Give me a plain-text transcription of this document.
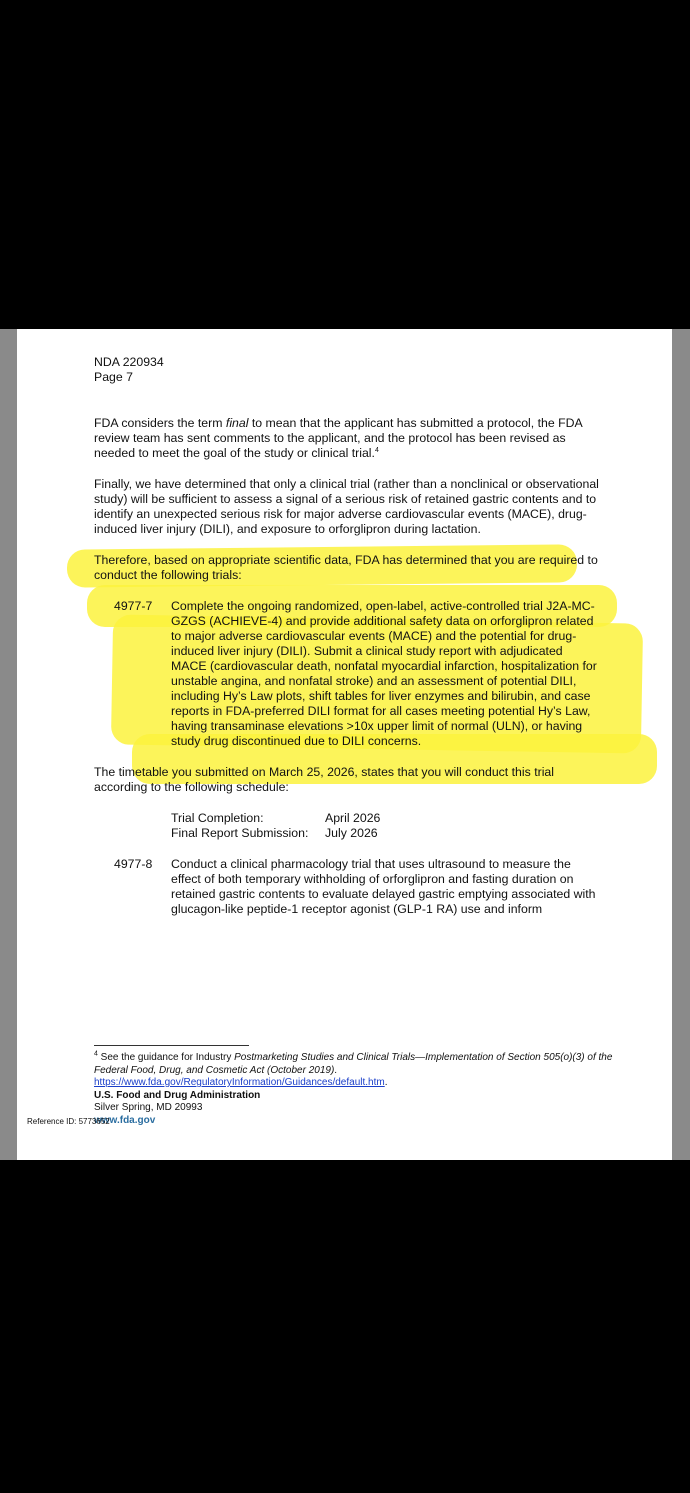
NDA 220934

Page 7

FDA considers the term final to mean that the applicant has submitted a protocol, the FDA review team has sent comments to the applicant, and the protocol has been revised as needed to meet the goal of the study or clinical trial.$^4$

Finally, we have determined that only a clinical trial (rather than a nonclinical or observational study) will be sufficient to assess a signal of a serious risk of retained gastric contents and to identify an unexpected serious risk for major adverse cardiovascular events (MACE), drug-induced liver injury (DILI), and exposure to orforglipron during lactation.

Therefore, based on appropriate scientific data, FDA has determined that you are required to conduct the following trials:

4977-7	Complete the ongoing randomized, open-label, active-controlled trial J2A-MC-GZGS (ACHIEVE-4) and provide additional safety data on orforglipron related to major adverse cardiovascular events (MACE) and the potential for drug-induced liver injury (DILI). Submit a clinical study report with adjudicated MACE (cardiovascular death, nonfatal myocardial infarction, hospitalization for unstable angina, and nonfatal stroke) and an assessment of potential DILI, including Hy’s Law plots, shift tables for liver enzymes and bilirubin, and case reports in FDA-preferred DILI format for all cases meeting potential Hy’s Law, having transaminase elevations >10x upper limit of normal (ULN), or having study drug discontinued due to DILI concerns.

The timetable you submitted on March 25, 2026, states that you will conduct this trial according to the following schedule:

Trial Completion:	April 2026
Final Report Submission:	July 2026
4977-8	Conduct a clinical pharmacology trial that uses ultrasound to measure the effect of both temporary withholding of orforglipron and fasting duration on retained gastric contents to evaluate delayed gastric emptying associated with glucagon-like peptide-1 receptor agonist (GLP-1 RA) use and inform

$^4$ See the guidance for Industry Postmarketing Studies and Clinical Trials—Implementation of Section 505(o)(3) of the Federal Food, Drug, and Cosmetic Act (October 2019).

https://www.fda.gov/RegulatoryInformation/Guidances/default.htm.

U.S. Food and Drug Administration

Silver Spring, MD 20993

www.fda.gov

Reference ID: 5773652
